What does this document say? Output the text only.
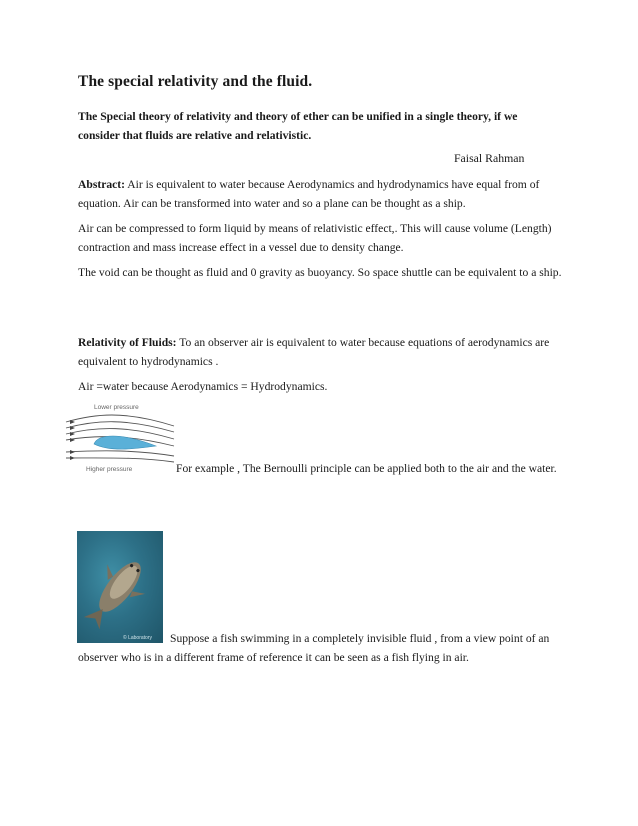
The special relativity and the fluid.
The Special theory of relativity and theory of ether can be unified in a single theory, if we consider that fluids are relative and relativistic.
Faisal Rahman
Abstract: Air is equivalent to water because Aerodynamics and hydrodynamics have equal from of equation. Air can be transformed into water and so a plane can be thought as a ship.
Air can be compressed to form liquid by means of relativistic effect,. This will cause volume (Length) contraction and mass increase effect in a vessel due to density change.
The void can be thought as fluid and 0 gravity as buoyancy. So space shuttle can be equivalent to a ship.
Relativity of Fluids: To an observer air is equivalent to water because equations of aerodynamics are equivalent to hydrodynamics .
Air =water because Aerodynamics = Hydrodynamics.
Lower pressure
Higher pressure	For example , The Bernoulli principle can be applied both to the air and the water.
© Laboratory	Suppose a fish swimming in a completely invisible fluid , from a view point of an observer who is in a different frame of reference it can be seen as a fish flying in air.
